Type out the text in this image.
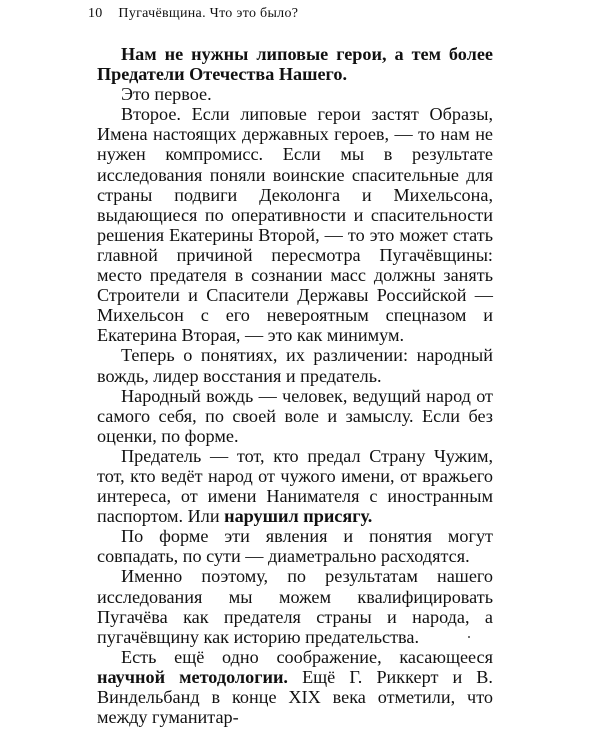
10 Пугачёвщина. Что это было?

Нам не нужны липовые герои, а тем более Предатели Отечества Нашего.

Это первое.

Второе. Если липовые герои застят Образы, Имена настоящих державных героев, — то нам не нужен компромисс. Если мы в результате исследования поняли воинские спасительные для страны подвиги Деколонга и Михельсона, выдающиеся по оперативности и спасительности решения Екатерины Второй, — то это может стать главной причиной пересмотра Пугачёвщины: место предателя в сознании масс должны занять Строители и Спасители Державы Российской — Михельсон с его невероятным спецназом и Екатерина Вторая, — это как минимум.

Теперь о понятиях, их различении: народный вождь, лидер восстания и предатель.

Народный вождь — человек, ведущий народ от самого себя, по своей воле и замыслу. Если без оценки, по форме.

Предатель — тот, кто предал Страну Чужим, тот, кто ведёт народ от чужого имени, от вражьего интереса, от имени Нанимателя с иностранным паспортом. Или нарушил присягу.

По форме эти явления и понятия могут совпадать, по сути — диаметрально расходятся.

Именно поэтому, по результатам нашего исследования мы можем квалифицировать Пугачёва как предателя страны и народа, а пугачёвщину как историю предательства.

Есть ещё одно соображение, касающееся научной методологии. Ещё Г. Риккерт и В. Виндельбанд в конце XIX века отметили, что между гуманитар-
